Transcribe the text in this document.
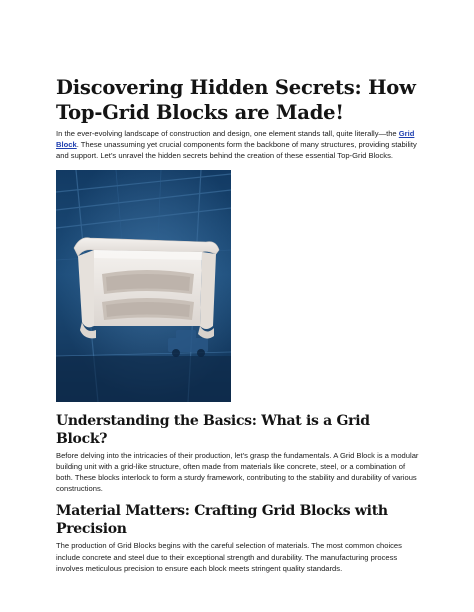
Discovering Hidden Secrets: How Top-Grid Blocks are Made!

In the ever-evolving landscape of construction and design, one element stands tall, quite literally—the Grid Block. These unassuming yet crucial components form the backbone of many structures, providing stability and support. Let’s unravel the hidden secrets behind the creation of these essential Top-Grid Blocks.

Understanding the Basics: What is a Grid Block?

Before delving into the intricacies of their production, let’s grasp the fundamentals. A Grid Block is a modular building unit with a grid-like structure, often made from materials like concrete, steel, or a combination of both. These blocks interlock to form a sturdy framework, contributing to the stability and durability of various constructions.

Material Matters: Crafting Grid Blocks with Precision

The production of Grid Blocks begins with the careful selection of materials. The most common choices include concrete and steel due to their exceptional strength and durability. The manufacturing process involves meticulous precision to ensure each block meets stringent quality standards.
